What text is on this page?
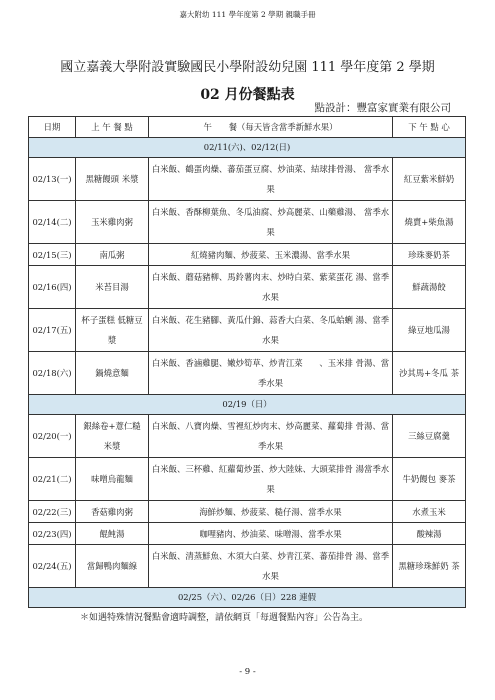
嘉大附幼 111 學年度第 2 學期 親職手冊
國立嘉義大學附設實驗國民小學附設幼兒園 111 學年度第 2 學期
02 月份餐點表
點設計：豐富家實業有限公司
日期	上 午 餐 點	午　　餐（每天皆含當季新鮮水果）	下 午 點 心
02/11(六)、02/12(日)			
02/13(一)	黑糖饅頭 米漿	白米飯、鶴蛋肉燥、蕃茄蛋豆腐、炒油菜、結球排骨湯、 當季水果	紅豆紫米鮮奶
02/14(二)	玉米雞肉粥	白米飯、香酥柳葉魚、冬瓜油腐、炒高麗菜、山藥雞湯、 當季水果	燒賣+柴魚湯
02/15(三)	南瓜粥	紅燒豬肉麵、炒菠菜、玉米濃湯、當季水果	珍珠麥奶茶
02/16(四)	米苔目湯	白米飯、蘑菇豬柳、馬鈴薯肉末、炒時白菜、紫菜蛋花 湯、當季水果	鮮蔬湯餃
02/17(五)	杯子蛋糕 低糖豆漿	白米飯、花生豬腳、黃瓜什錦、蒜香大白菜、冬瓜蛤蜊 湯、當季水果	綠豆地瓜湯
02/18(六)	鍋燒意麵	白米飯、香滷雞腿、嫩炒筍草、炒青江菜　　、玉米排 骨湯、當季水果	沙其馬+冬瓜 茶
02/19（日）			
02/20(一)	銀絲卷+薏仁糙 米漿	白米飯、八寶肉燥、雪裡紅炒肉末、炒高麗菜、蘿蔔排 骨湯、當季水果	三絲豆腐羹
02/21(二)	味噌烏龍麵	白米飯、三杯雞、紅蘿蔔炒蛋、炒大陸妹、大頭菜排骨 湯當季水果	牛奶饅包 麥茶
02/22(三)	香菇雞肉粥	海鮮炒麵、炒菠菜、糙仔湯、當季水果	水煮玉米
02/23(四)	餛飩湯	咖哩豬肉、炒油菜、味噌湯、當季水果	酸辣湯
02/24(五)	當歸鴨肉麵線	白米飯、清蒸鮮魚、木須大白菜、炒青江菜、蕃茄排骨 湯、當季水果	黑糖珍珠鮮奶 茶
02/25（六）、02/26（日）228 連假			
＊如遇特殊情況餐點會適時調整，請依網頁「每週餐點內容」公告為主。
- 9 -
